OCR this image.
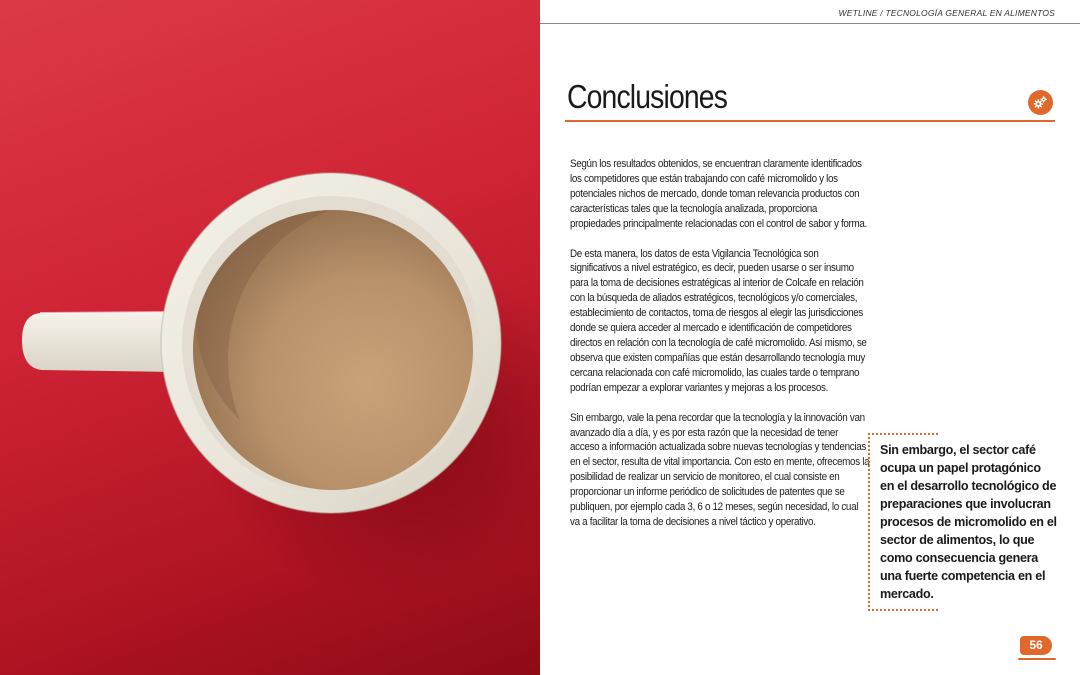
WETLINE / TECNOLOGÍA GENERAL EN ALIMENTOS
Conclusiones

Según los resultados obtenidos, se encuentran claramente identificados los competidores que están trabajando con café micromolido y los potenciales nichos de mercado, donde toman relevancia productos con características tales que la tecnología analizada, proporciona propiedades principalmente relacionadas con el control de sabor y forma.

De esta manera, los datos de esta Vigilancia Tecnológica son significativos a nivel estratégico, es decir, pueden usarse o ser insumo para la toma de decisiones estratégicas al interior de Colcafe en relación con la búsqueda de aliados estratégicos, tecnológicos y/o comerciales, establecimiento de contactos, toma de riesgos al elegir las jurisdicciones donde se quiera acceder al mercado e identificación de competidores directos en relación con la tecnología de café micromolido. Así mismo, se observa que existen compañías que están desarrollando tecnología muy cercana relacionada con café micromolido, las cuales tarde o temprano podrían empezar a explorar variantes y mejoras a los procesos.

Sin embargo, vale la pena recordar que la tecnología y la innovación van avanzado día a día, y es por esta razón que la necesidad de tener acceso a información actualizada sobre nuevas tecnologías y tendencias en el sector, resulta de vital importancia. Con esto en mente, ofrecemos la posibilidad de realizar un servicio de monitoreo, el cual consiste en proporcionar un informe periódico de solicitudes de patentes que se publiquen, por ejemplo cada 3, 6 o 12 meses, según necesidad, lo cual va a facilitar la toma de decisiones a nivel táctico y operativo.

Sin embargo, el sector café ocupa un papel protagónico en el desarrollo tecnológico de preparaciones que involucran procesos de micromolido en el sector de alimentos, lo que como consecuencia genera una fuerte competencia en el mercado.
56
